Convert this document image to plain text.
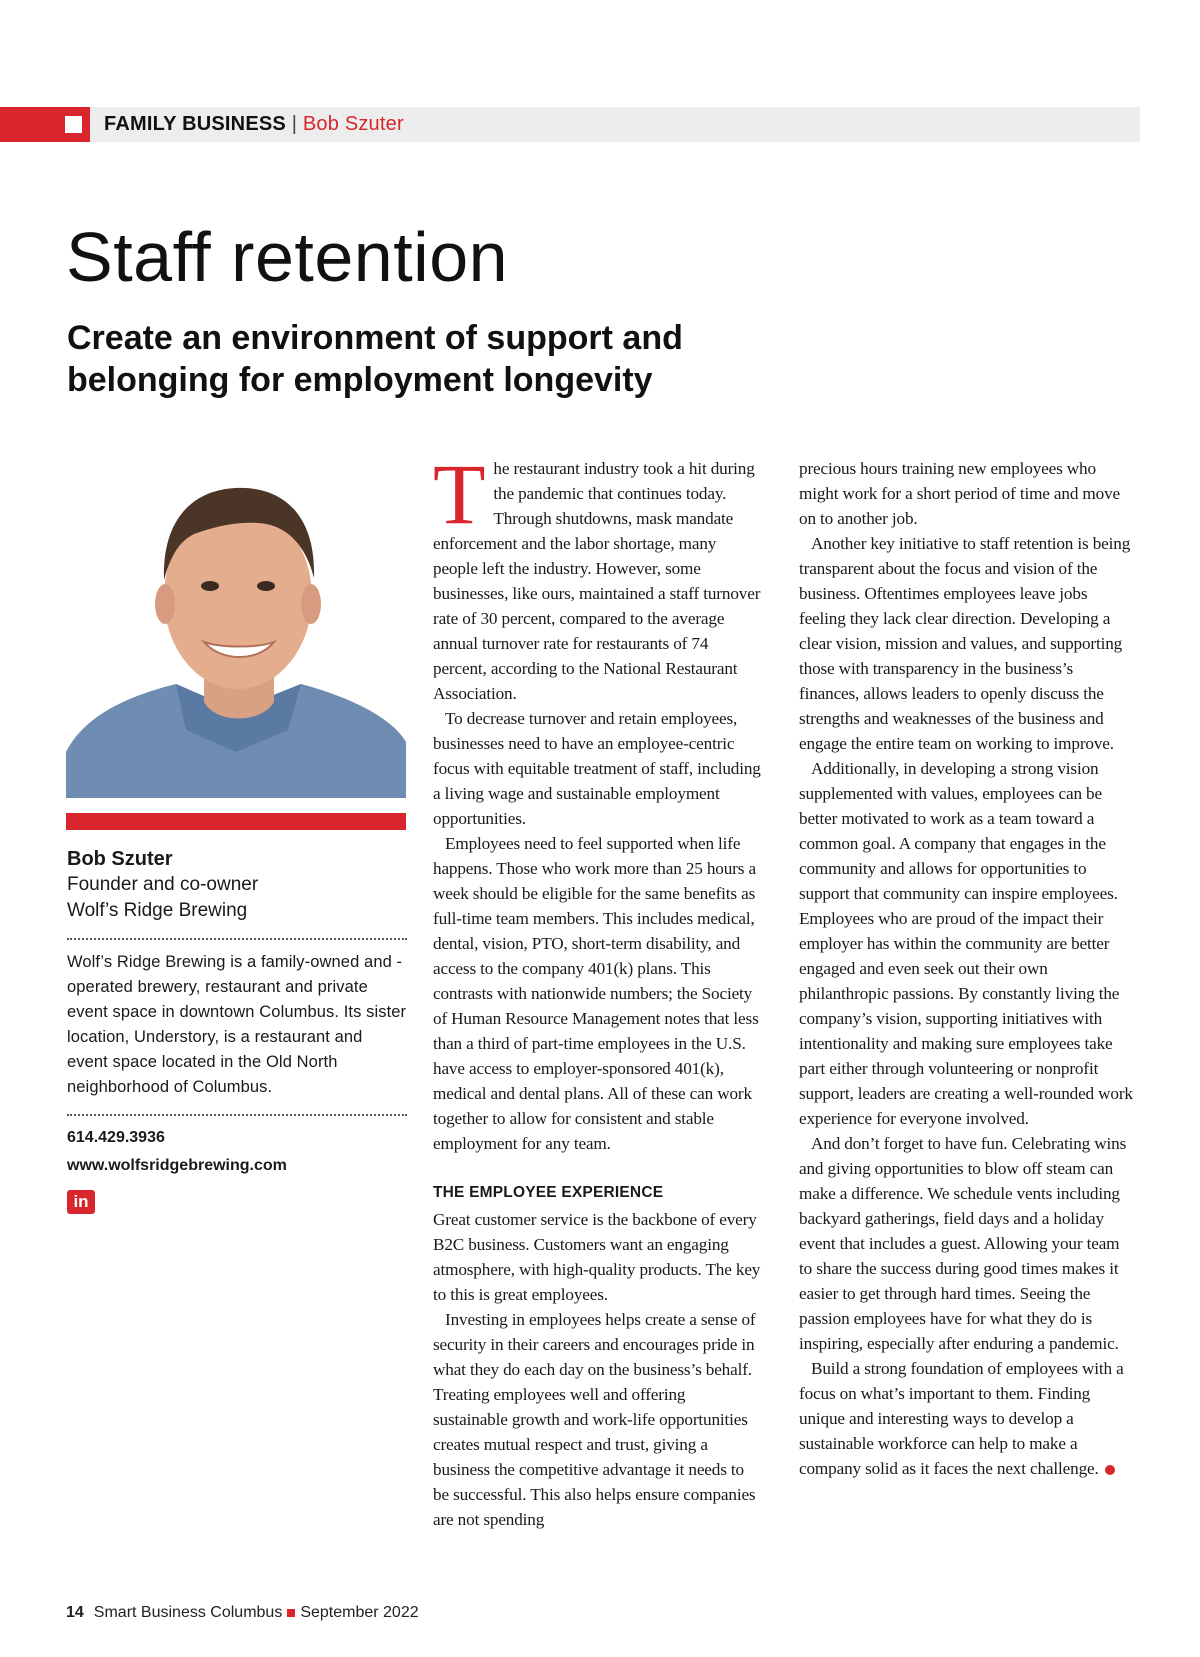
FAMILY BUSINESS | Bob Szuter
Staff retention
Create an environment of support and belonging for employment longevity
Bob Szuter
Founder and co-owner
Wolf’s Ridge Brewing
Wolf’s Ridge Brewing is a family-owned and -operated brewery, restaurant and private event space in downtown Columbus. Its sister location, Understory, is a restaurant and event space located in the Old North neighborhood of Columbus.
614.429.3936
www.wolfsridgebrewing.com
in

The restaurant industry took a hit during the pandemic that continues today. Through shutdowns, mask mandate enforcement and the labor shortage, many people left the industry. However, some businesses, like ours, maintained a staff turnover rate of 30 percent, compared to the average annual turnover rate for restaurants of 74 percent, according to the National Restaurant Association.

To decrease turnover and retain employees, businesses need to have an employee-centric focus with equitable treatment of staff, including a living wage and sustainable employment opportunities.

Employees need to feel supported when life happens. Those who work more than 25 hours a week should be eligible for the same benefits as full-time team members. This includes medical, dental, vision, PTO, short-term disability, and access to the company 401(k) plans. This contrasts with nationwide numbers; the Society of Human Resource Management notes that less than a third of part-time employees in the U.S. have access to employer-sponsored 401(k), medical and dental plans. All of these can work together to allow for consistent and stable employment for any team.

THE EMPLOYEE EXPERIENCE

Great customer service is the backbone of every B2C business. Customers want an engaging atmosphere, with high-quality products. The key to this is great employees.

Investing in employees helps create a sense of security in their careers and encourages pride in what they do each day on the business’s behalf. Treating employees well and offering sustainable growth and work-life opportunities creates mutual respect and trust, giving a business the competitive advantage it needs to be successful. This also helps ensure companies are not spending

precious hours training new employees who might work for a short period of time and move on to another job.

Another key initiative to staff retention is being transparent about the focus and vision of the business. Oftentimes employees leave jobs feeling they lack clear direction. Developing a clear vision, mission and values, and supporting those with transparency in the business’s finances, allows leaders to openly discuss the strengths and weaknesses of the business and engage the entire team on working to improve.

Additionally, in developing a strong vision supplemented with values, employees can be better motivated to work as a team toward a common goal. A company that engages in the community and allows for opportunities to support that community can inspire employees. Employees who are proud of the impact their employer has within the community are better engaged and even seek out their own philanthropic passions. By constantly living the company’s vision, supporting initiatives with intentionality and making sure employees take part either through volunteering or nonprofit support, leaders are creating a well-rounded work experience for everyone involved.

And don’t forget to have fun. Celebrating wins and giving opportunities to blow off steam can make a difference. We schedule vents including backyard gatherings, field days and a holiday event that includes a guest. Allowing your team to share the success during good times makes it easier to get through hard times. Seeing the passion employees have for what they do is inspiring, especially after enduring a pandemic.

Build a strong foundation of employees with a focus on what’s important to them. Finding unique and interesting ways to develop a sustainable workforce can help to make a company solid as it faces the next challenge.

14 Smart Business Columbus September 2022
